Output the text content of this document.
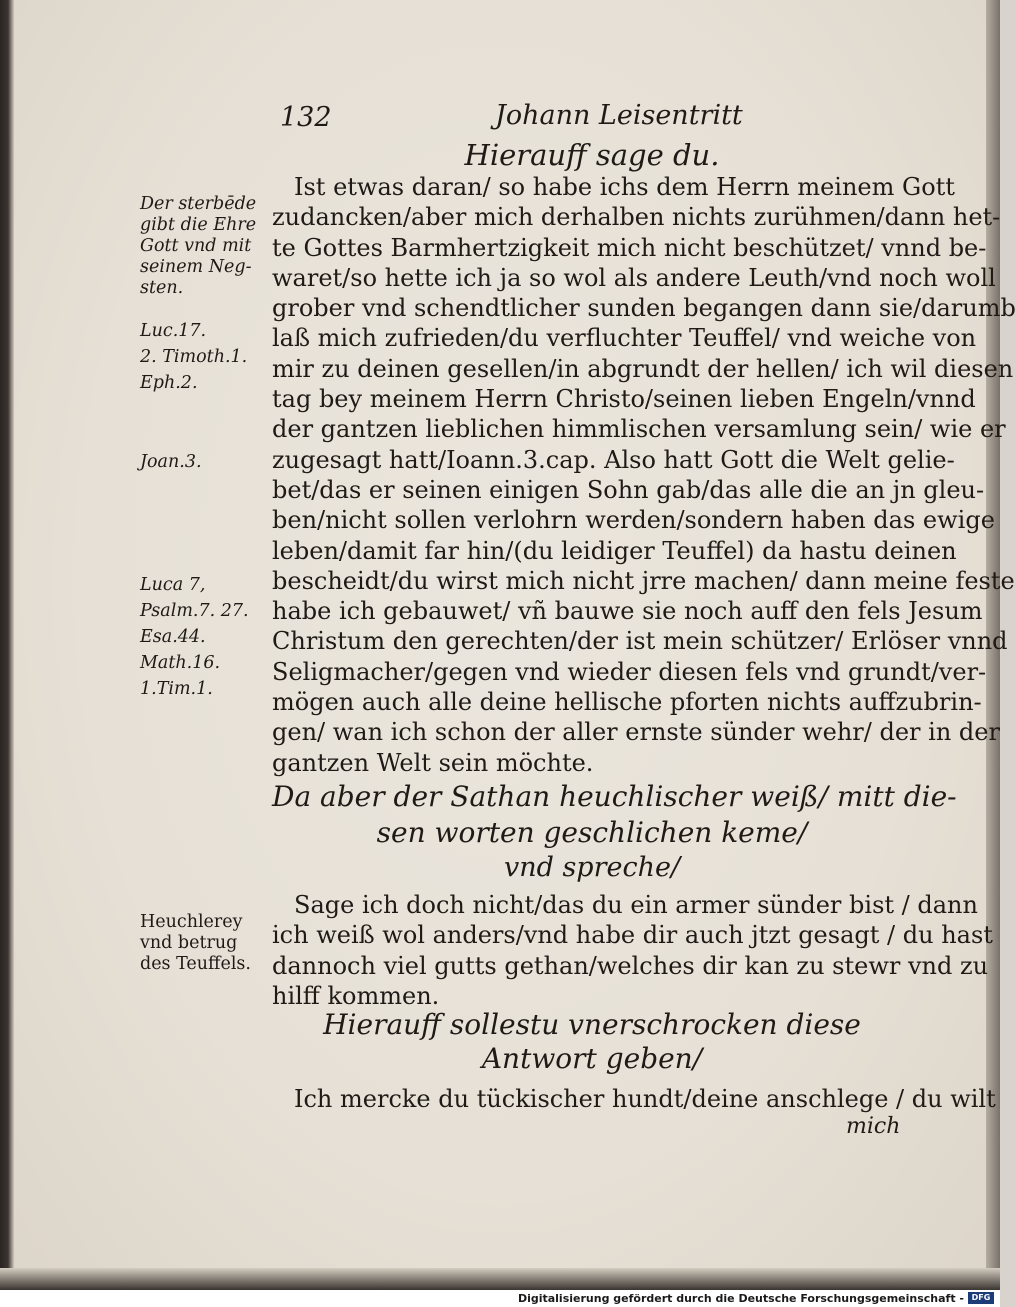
132	Johann Leisentritt
Hierauff sage du.
Ist etwas daran/ so habe ichs dem Herrn meinem Gott
zudancken/aber mich derhalben nichts zurühmen/dann het-
te Gottes Barmhertzigkeit mich nicht beschützet/ vnnd be-
waret/so hette ich ja so wol als andere Leuth/vnd noch woll
grober vnd schendtlicher sunden begangen dann sie/darumb
laß mich zufrieden/du verfluchter Teuffel/ vnd weiche von
mir zu deinen gesellen/in abgrundt der hellen/ ich wil diesen
tag bey meinem Herrn Christo/seinen lieben Engeln/vnnd
der gantzen lieblichen himmlischen versamlung sein/ wie er
zugesagt hatt/Ioann.3.cap. Also hatt Gott die Welt gelie-
bet/das er seinen einigen Sohn gab/das alle die an jn gleu-
ben/nicht sollen verlohrn werden/sondern haben das ewige
leben/damit far hin/(du leidiger Teuffel) da hastu deinen
bescheidt/du wirst mich nicht jrre machen/ dann meine feste
habe ich gebauwet/ vñ bauwe sie noch auff den fels Jesum
Christum den gerechten/der ist mein schützer/ Erlöser vnnd
Seligmacher/gegen vnd wieder diesen fels vnd grundt/ver-
mögen auch alle deine hellische pforten nichts auffzubrin-
gen/ wan ich schon der aller ernste sünder wehr/ der in der
gantzen Welt sein möchte.
Da aber der Sathan heuchlischer weiß/ mitt die-
sen worten geschlichen keme/
vnd spreche/
Sage ich doch nicht/das du ein armer sünder bist / dann
ich weiß wol anders/vnd habe dir auch jtzt gesagt / du hast
dannoch viel gutts gethan/welches dir kan zu stewr vnd zu
hilff kommen.
Hierauff sollestu vnerschrocken diese
Antwort geben/
Ich mercke du tückischer hundt/deine anschlege / du wilt
mich
Der sterbēde
gibt die Ehre
Gott vnd mit
seinem Neg-
sten.
Luc.17.
2. Timoth.1.
Eph.2.
Joan.3.
Luca 7,
Psalm.7. 27.
Esa.44.
Math.16.
1.Tim.1.
Heuchlerey
vnd betrug
des Teuffels.
Digitalisierung gefördert durch die Deutsche Forschungsgemeinschaft - DFG
